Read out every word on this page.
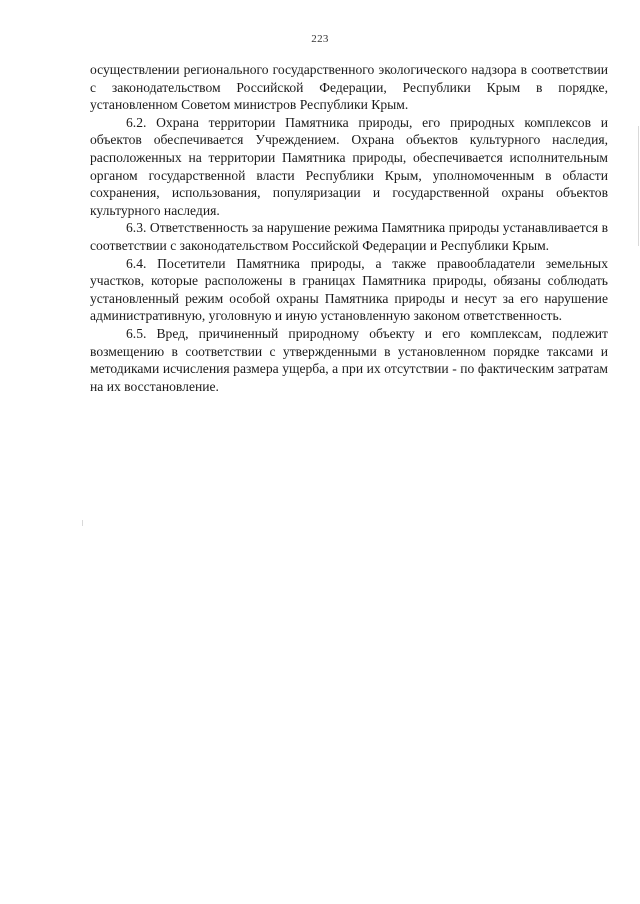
223

осуществлении регионального государственного экологического надзора в соответствии с законодательством Российской Федерации, Республики Крым в порядке, установленном Советом министров Республики Крым.

6.2. Охрана территории Памятника природы, его природных комплексов и объектов обеспечивается Учреждением. Охрана объектов культурного наследия, расположенных на территории Памятника природы, обеспечивается исполнительным органом государственной власти Республики Крым, уполномоченным в области сохранения, использования, популяризации и государственной охраны объектов культурного наследия.

6.3. Ответственность за нарушение режима Памятника природы устанавливается в соответствии с законодательством Российской Федерации и Республики Крым.

6.4. Посетители Памятника природы, а также правообладатели земельных участков, которые расположены в границах Памятника природы, обязаны соблюдать установленный режим особой охраны Памятника природы и несут за его нарушение административную, уголовную и иную установленную законом ответственность.

6.5. Вред, причиненный природному объекту и его комплексам, подлежит возмещению в соответствии с утвержденными в установленном порядке таксами и методиками исчисления размера ущерба, а при их отсутствии - по фактическим затратам на их восстановление.
